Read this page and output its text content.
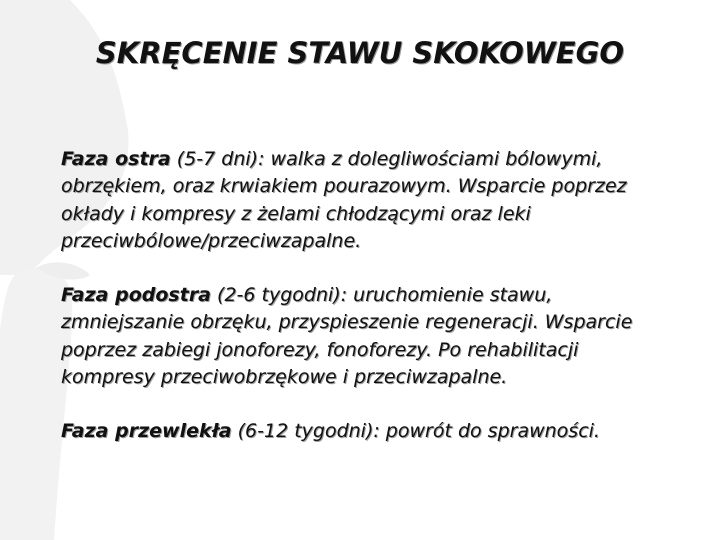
SKRĘCENIE STAWU SKOKOWEGO

Faza ostra (5-7 dni): walka z dolegliwościami bólowymi, obrzękiem, oraz krwiakiem pourazowym. Wsparcie poprzez okłady i kompresy z żelami chłodzącymi oraz leki przeciwbólowe/przeciwzapalne.

Faza podostra (2-6 tygodni): uruchomienie stawu, zmniejszanie obrzęku, przyspieszenie regeneracji. Wsparcie poprzez zabiegi jonoforezy, fonoforezy. Po rehabilitacji kompresy przeciwobrzękowe i przeciwzapalne.

Faza przewlekła (6-12 tygodni): powrót do sprawności.
